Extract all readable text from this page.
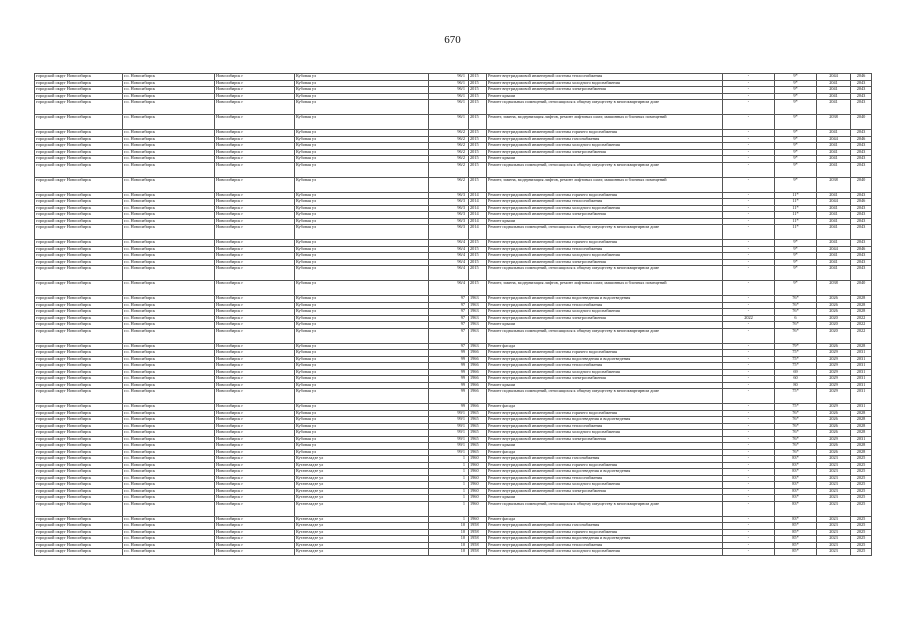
670
городской округ Новосибирск	г.о. Новосибирск	Новосибирск г	Кубовая ул	96/1	2015	Ремонт внутридомовой инженерной системы теплоснабжения	-	9*	2044	2046
городской округ Новосибирск	г.о. Новосибирск	Новосибирск г	Кубовая ул	96/1	2015	Ремонт внутридомовой инженерной системы холодного водоснабжения	-	9*	2041	2043
городской округ Новосибирск	г.о. Новосибирск	Новосибирск г	Кубовая ул	96/1	2015	Ремонт внутридомовой инженерной системы электроснабжения	-	9*	2041	2043
городской округ Новосибирск	г.о. Новосибирск	Новосибирск г	Кубовая ул	96/1	2015	Ремонт крыши	-	9*	2041	2043
городской округ Новосибирск	г.о. Новосибирск	Новосибирск г	Кубовая ул	96/1	2015	Ремонт подвальных помещений, относящихся к общему имуществу в многоквартирном доме	-	9*	2041	2043
городской округ Новосибирск	г.о. Новосибирск	Новосибирск г	Кубовая ул	96/1	2015	Ремонт, замена, модернизация лифтов, ремонт лифтовых шахт, машинных и блочных помещений	-	9*	2038	2040
городской округ Новосибирск	г.о. Новосибирск	Новосибирск г	Кубовая ул	96/2	2015	Ремонт внутридомовой инженерной системы горячего водоснабжения	-	9*	2041	2043
городской округ Новосибирск	г.о. Новосибирск	Новосибирск г	Кубовая ул	96/2	2015	Ремонт внутридомовой инженерной системы газоснабжения	-	9*	2044	2046
городской округ Новосибирск	г.о. Новосибирск	Новосибирск г	Кубовая ул	96/2	2015	Ремонт внутридомовой инженерной системы холодного водоснабжения	-	9*	2041	2043
городской округ Новосибирск	г.о. Новосибирск	Новосибирск г	Кубовая ул	96/2	2015	Ремонт внутридомовой инженерной системы электроснабжения	-	9*	2041	2043
городской округ Новосибирск	г.о. Новосибирск	Новосибирск г	Кубовая ул	96/2	2015	Ремонт крыши	-	9*	2041	2043
городской округ Новосибирск	г.о. Новосибирск	Новосибирск г	Кубовая ул	96/2	2015	Ремонт подвальных помещений, относящихся к общему имуществу в многоквартирном доме	-	9*	2041	2043
городской округ Новосибирск	г.о. Новосибирск	Новосибирск г	Кубовая ул	96/2	2015	Ремонт, замена, модернизация лифтов, ремонт лифтовых шахт, машинных и блочных помещений	-	9*	2038	2040
городской округ Новосибирск	г.о. Новосибирск	Новосибирск г	Кубовая ул	96/3	2014	Ремонт внутридомовой инженерной системы горячего водоснабжения	-	11*	2041	2043
городской округ Новосибирск	г.о. Новосибирск	Новосибирск г	Кубовая ул	96/3	2014	Ремонт внутридомовой инженерной системы теплоснабжения	-	11*	2044	2046
городской округ Новосибирск	г.о. Новосибирск	Новосибирск г	Кубовая ул	96/3	2014	Ремонт внутридомовой инженерной системы холодного водоснабжения	-	11*	2041	2043
городской округ Новосибирск	г.о. Новосибирск	Новосибирск г	Кубовая ул	96/3	2014	Ремонт внутридомовой инженерной системы электроснабжения	-	11*	2041	2043
городской округ Новосибирск	г.о. Новосибирск	Новосибирск г	Кубовая ул	96/3	2014	Ремонт крыши	-	11*	2041	2043
городской округ Новосибирск	г.о. Новосибирск	Новосибирск г	Кубовая ул	96/3	2014	Ремонт подвальных помещений, относящихся к общему имуществу в многоквартирном доме	-	11*	2041	2043
городской округ Новосибирск	г.о. Новосибирск	Новосибирск г	Кубовая ул	96/4	2015	Ремонт внутридомовой инженерной системы горячего водоснабжения	-	9*	2041	2043
городской округ Новосибирск	г.о. Новосибирск	Новосибирск г	Кубовая ул	96/4	2015	Ремонт внутридомовой инженерной системы теплоснабжения	-	9*	2044	2046
городской округ Новосибирск	г.о. Новосибирск	Новосибирск г	Кубовая ул	96/4	2015	Ремонт внутридомовой инженерной системы холодного водоснабжения	-	9*	2041	2043
городской округ Новосибирск	г.о. Новосибирск	Новосибирск г	Кубовая ул	96/4	2015	Ремонт внутридомовой инженерной системы электроснабжения	-	9*	2041	2043
городской округ Новосибирск	г.о. Новосибирск	Новосибирск г	Кубовая ул	96/4	2015	Ремонт подвальных помещений, относящихся к общему имуществу в многоквартирном доме	-	9*	2041	2043
городской округ Новосибирск	г.о. Новосибирск	Новосибирск г	Кубовая ул	96/4	2015	Ремонт, замена, модернизация лифтов, ремонт лифтовых шахт, машинных и блочных помещений	-	9*	2038	2040
городской округ Новосибирск	г.о. Новосибирск	Новосибирск г	Кубовая ул	97	1963	Ремонт внутридомовой инженерной системы водоотведения и водоотведения	-	76*	2026	2028
городской округ Новосибирск	г.о. Новосибирск	Новосибирск г	Кубовая ул	97	1963	Ремонт внутридомовой инженерной системы теплоснабжения	-	76*	2026	2028
городской округ Новосибирск	г.о. Новосибирск	Новосибирск г	Кубовая ул	97	1963	Ремонт внутридомовой инженерной системы холодного водоснабжения	-	76*	2026	2028
городской округ Новосибирск	г.о. Новосибирск	Новосибирск г	Кубовая ул	97	1963	Ремонт внутридомовой инженерной системы электроснабжения	2022	6	2020	2022
городской округ Новосибирск	г.о. Новосибирск	Новосибирск г	Кубовая ул	97	1963	Ремонт крыши	-	76*	2020	2022
городской округ Новосибирск	г.о. Новосибирск	Новосибирск г	Кубовая ул	97	1963	Ремонт подвальных помещений, относящихся к общему имуществу в многоквартирном доме	-	76*	2020	2022
городской округ Новосибирск	г.о. Новосибирск	Новосибирск г	Кубовая ул	97	1963	Ремонт фасада	-	79*	2026	2028
городской округ Новосибирск	г.о. Новосибирск	Новосибирск г	Кубовая ул	99	1966	Ремонт внутридомовой инженерной системы горячего водоснабжения	-	75*	2029	2031
городской округ Новосибирск	г.о. Новосибирск	Новосибирск г	Кубовая ул	99	1966	Ремонт внутридомовой инженерной системы водоотведения и водоотведения	-	75*	2029	2031
городской округ Новосибирск	г.о. Новосибирск	Новосибирск г	Кубовая ул	99	1966	Ремонт внутридомовой инженерной системы теплоснабжения	-	75*	2029	2031
городской округ Новосибирск	г.о. Новосибирск	Новосибирск г	Кубовая ул	99	1966	Ремонт внутридомовой инженерной системы холодного водоснабжения	-	69	2029	2031
городской округ Новосибирск	г.о. Новосибирск	Новосибирск г	Кубовая ул	99	1966	Ремонт внутридомовой инженерной системы электроснабжения	-	60	2029	2031
городской округ Новосибирск	г.о. Новосибирск	Новосибирск г	Кубовая ул	99	1966	Ремонт крыши	-	80	2029	2031
городской округ Новосибирск	г.о. Новосибирск	Новосибирск г	Кубовая ул	99	1966	Ремонт подвальных помещений, относящихся к общему имуществу в многоквартирном доме	-	75*	2029	2031
городской округ Новосибирск	г.о. Новосибирск	Новосибирск г	Кубовая ул	99	1966	Ремонт фасада	-	75*	2029	2031
городской округ Новосибирск	г.о. Новосибирск	Новосибирск г	Кубовая ул	99/1	1965	Ремонт внутридомовой инженерной системы горячего водоснабжения	-	76*	2026	2028
городской округ Новосибирск	г.о. Новосибирск	Новосибирск г	Кубовая ул	99/1	1965	Ремонт внутридомовой инженерной системы водоотведения и водоотведения	-	76*	2026	2028
городской округ Новосибирск	г.о. Новосибирск	Новосибирск г	Кубовая ул	99/1	1965	Ремонт внутридомовой инженерной системы теплоснабжения	-	76*	2026	2028
городской округ Новосибирск	г.о. Новосибирск	Новосибирск г	Кубовая ул	99/1	1965	Ремонт внутридомовой инженерной системы холодного водоснабжения	-	76*	2026	2028
городской округ Новосибирск	г.о. Новосибирск	Новосибирск г	Кубовая ул	99/1	1965	Ремонт внутридомовой инженерной системы электроснабжения	-	76*	2029	2031
городской округ Новосибирск	г.о. Новосибирск	Новосибирск г	Кубовая ул	99/1	1965	Ремонт крыши	-	76*	2026	2028
городской округ Новосибирск	г.о. Новосибирск	Новосибирск г	Кубовая ул	99/1	1965	Ремонт фасада	-	76*	2026	2028
городской округ Новосибирск	г.о. Новосибирск	Новосибирск г	Кутателадзе ул	1	1960	Ремонт внутридомовой инженерной системы газоснабжения	-	83*	2023	2025
городской округ Новосибирск	г.о. Новосибирск	Новосибирск г	Кутателадзе ул	1	1960	Ремонт внутридомовой инженерной системы горячего водоснабжения	-	83*	2023	2025
городской округ Новосибирск	г.о. Новосибирск	Новосибирск г	Кутателадзе ул	1	1960	Ремонт внутридомовой инженерной системы водоотведения и водоотведения	-	83*	2023	2025
городской округ Новосибирск	г.о. Новосибирск	Новосибирск г	Кутателадзе ул	1	1960	Ремонт внутридомовой инженерной системы теплоснабжения	-	83*	2023	2025
городской округ Новосибирск	г.о. Новосибирск	Новосибирск г	Кутателадзе ул	1	1960	Ремонт внутридомовой инженерной системы холодного водоснабжения	-	83*	2023	2025
городской округ Новосибирск	г.о. Новосибирск	Новосибирск г	Кутателадзе ул	1	1960	Ремонт внутридомовой инженерной системы электроснабжения	-	83*	2023	2025
городской округ Новосибирск	г.о. Новосибирск	Новосибирск г	Кутателадзе ул	1	1960	Ремонт крыши	-	83*	2023	2025
городской округ Новосибирск	г.о. Новосибирск	Новосибирск г	Кутателадзе ул	1	1960	Ремонт подвальных помещений, относящихся к общему имуществу в многоквартирном доме	-	83*	2023	2025
городской округ Новосибирск	г.о. Новосибирск	Новосибирск г	Кутателадзе ул	1	1960	Ремонт фасада	-	83*	2023	2025
городской округ Новосибирск	г.о. Новосибирск	Новосибирск г	Кутателадзе ул	10	1958	Ремонт внутридомовой инженерной системы газоснабжения	-	85*	2023	2025
городской округ Новосибирск	г.о. Новосибирск	Новосибирск г	Кутателадзе ул	10	1958	Ремонт внутридомовой инженерной системы горячего водоснабжения	-	85*	2023	2025
городской округ Новосибирск	г.о. Новосибирск	Новосибирск г	Кутателадзе ул	10	1958	Ремонт внутридомовой инженерной системы водоотведения и водоотведения	-	85*	2023	2025
городской округ Новосибирск	г.о. Новосибирск	Новосибирск г	Кутателадзе ул	10	1958	Ремонт внутридомовой инженерной системы теплоснабжения	-	85*	2023	2025
городской округ Новосибирск	г.о. Новосибирск	Новосибирск г	Кутателадзе ул	10	1958	Ремонт внутридомовой инженерной системы холодного водоснабжения	-	85*	2023	2025
